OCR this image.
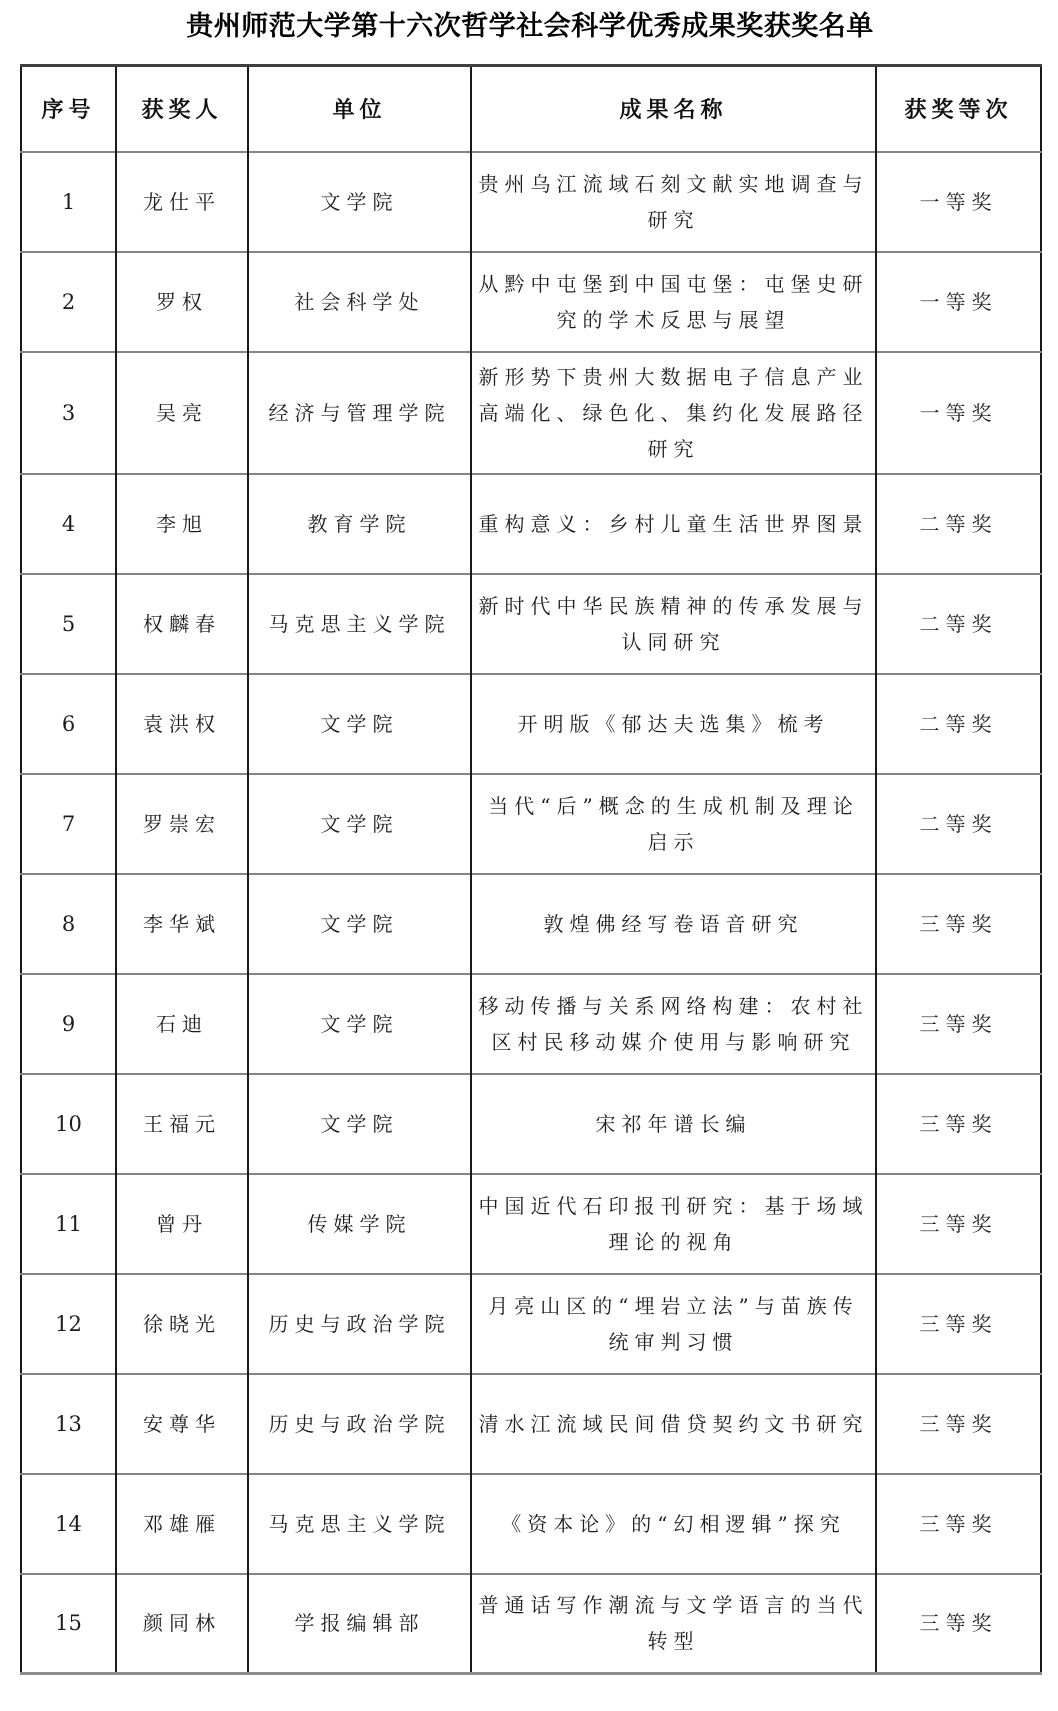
贵州师范大学第十六次哲学社会科学优秀成果奖获奖名单
序号	获奖人	单位	成果名称	获奖等次
1	龙仕平	文学院	贵州乌江流域石刻文献实地调查与研究	一等奖
2	罗权	社会科学处	从黔中屯堡到中国屯堡：屯堡史研究的学术反思与展望	一等奖
3	吴亮	经济与管理学院	新形势下贵州大数据电子信息产业高端化、绿色化、集约化发展路径研究	一等奖
4	李旭	教育学院	重构意义：乡村儿童生活世界图景	二等奖
5	权麟春	马克思主义学院	新时代中华民族精神的传承发展与认同研究	二等奖
6	袁洪权	文学院	开明版《郁达夫选集》梳考	二等奖
7	罗崇宏	文学院	当代“后”概念的生成机制及理论启示	二等奖
8	李华斌	文学院	敦煌佛经写卷语音研究	三等奖
9	石迪	文学院	移动传播与关系网络构建：农村社区村民移动媒介使用与影响研究	三等奖
10	王福元	文学院	宋祁年谱长编	三等奖
11	曾丹	传媒学院	中国近代石印报刊研究：基于场域理论的视角	三等奖
12	徐晓光	历史与政治学院	月亮山区的“埋岩立法”与苗族传统审判习惯	三等奖
13	安尊华	历史与政治学院	清水江流域民间借贷契约文书研究	三等奖
14	邓雄雁	马克思主义学院	《资本论》的“幻相逻辑”探究	三等奖
15	颜同林	学报编辑部	普通话写作潮流与文学语言的当代转型	三等奖
